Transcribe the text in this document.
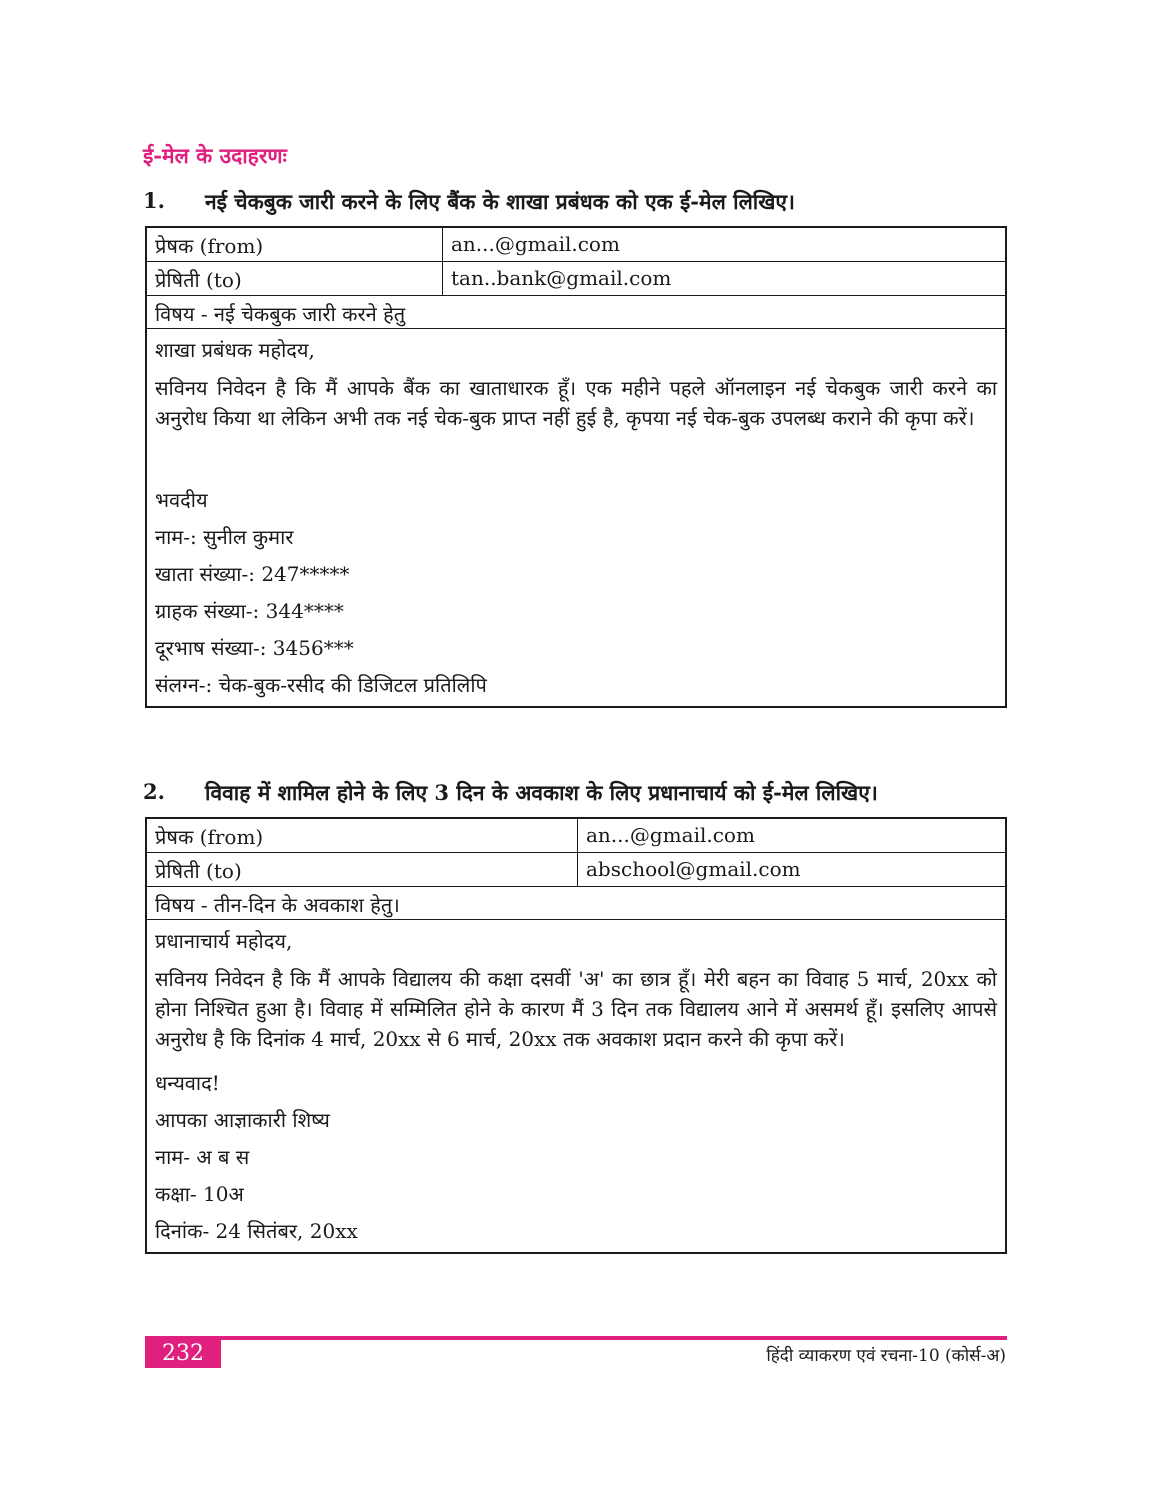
ई-मेल के उदाहरणः
1.	नई चेकबुक जारी करने के लिए बैंक के शाखा प्रबंधक को एक ई-मेल लिखिए।
प्रेषक (from)	an...@gmail.com
प्रेषिती (to)	tan..bank@gmail.com
विषय - नई चेकबुक जारी करने हेतु

शाखा प्रबंधक महोदय,

सविनय निवेदन है कि मैं आपके बैंक का खाताधारक हूँ। एक महीने पहले ऑनलाइन नई चेकबुक जारी करने का अनुरोध किया था लेकिन अभी तक नई चेक-बुक प्राप्त नहीं हुई है, कृपया नई चेक-बुक उपलब्ध कराने की कृपा करें।

भवदीय

नाम-: सुनील कुमार

खाता संख्या-: 247*****

ग्राहक संख्या-: 344****

दूरभाष संख्या-: 3456***

संलग्न-: चेक-बुक-रसीद की डिजिटल प्रतिलिपि

2.	विवाह में शामिल होने के लिए 3 दिन के अवकाश के लिए प्रधानाचार्य को ई-मेल लिखिए।
प्रेषक (from)	an...@gmail.com
प्रेषिती (to)	abschool@gmail.com
विषय - तीन-दिन के अवकाश हेतु।

प्रधानाचार्य महोदय,

सविनय निवेदन है कि मैं आपके विद्यालय की कक्षा दसवीं 'अ' का छात्र हूँ। मेरी बहन का विवाह 5 मार्च, 20xx को होना निश्चित हुआ है। विवाह में सम्मिलित होने के कारण मैं 3 दिन तक विद्यालय आने में असमर्थ हूँ। इसलिए आपसे अनुरोध है कि दिनांक 4 मार्च, 20xx से 6 मार्च, 20xx तक अवकाश प्रदान करने की कृपा करें।

धन्यवाद!

आपका आज्ञाकारी शिष्य

नाम- अ ब स

कक्षा- 10अ

दिनांक- 24 सितंबर, 20xx

232	हिंदी व्याकरण एवं रचना-10 (कोर्स-अ)
